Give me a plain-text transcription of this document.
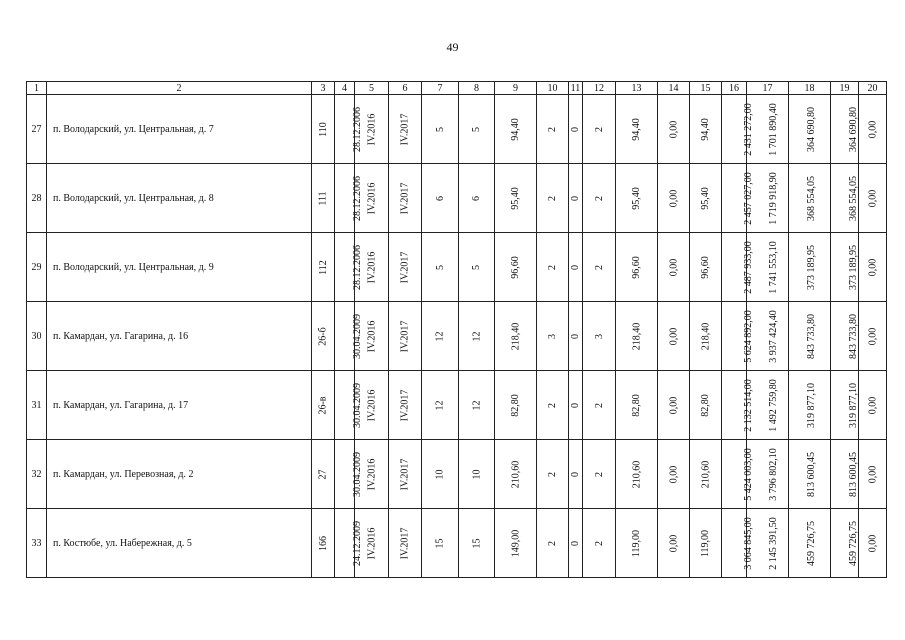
49
1	2	3	4	5	6	7	8	9	10	11	12	13	14	15	16	17	18	19	20
27	п. Володарский, ул. Центральная, д. 7	110	28.12.2006	IV.2016	IV.2017	5	5	94,40	2	0	2	94,40	0,00	94,40	2 431 272,00	1 701 890,40	364 690,80	364 690,80	0,00
28	п. Володарский, ул. Центральная, д. 8	111	28.12.2006	IV.2016	IV.2017	6	6	95,40	2	0	2	95,40	0,00	95,40	2 457 027,00	1 719 918,90	368 554,05	368 554,05	0,00
29	п. Володарский, ул. Центральная, д. 9	112	28.12.2006	IV.2016	IV.2017	5	5	96,60	2	0	2	96,60	0,00	96,60	2 487 933,00	1 741 553,10	373 189,95	373 189,95	0,00
30	п. Камардан, ул. Гагарина, д. 16	26-б	30.04.2009	IV.2016	IV.2017	12	12	218,40	3	0	3	218,40	0,00	218,40	5 624 892,00	3 937 424,40	843 733,80	843 733,80	0,00
31	п. Камардан, ул. Гагарина, д. 17	26-в	30.04.2009	IV.2016	IV.2017	12	12	82,80	2	0	2	82,80	0,00	82,80	2 132 514,00	1 492 759,80	319 877,10	319 877,10	0,00
32	п. Камардан, ул. Перевозная, д. 2	27	30.04.2009	IV.2016	IV.2017	10	10	210,60	2	0	2	210,60	0,00	210,60	5 424 003,00	3 796 802,10	813 600,45	813 600,45	0,00
33	п. Костюбе, ул. Набережная, д. 5	166	24.12.2009	IV.2016	IV.2017	15	15	149,00	2	0	2	119,00	0,00	119,00	3 064 845,00	2 145 391,50	459 726,75	459 726,75	0,00
